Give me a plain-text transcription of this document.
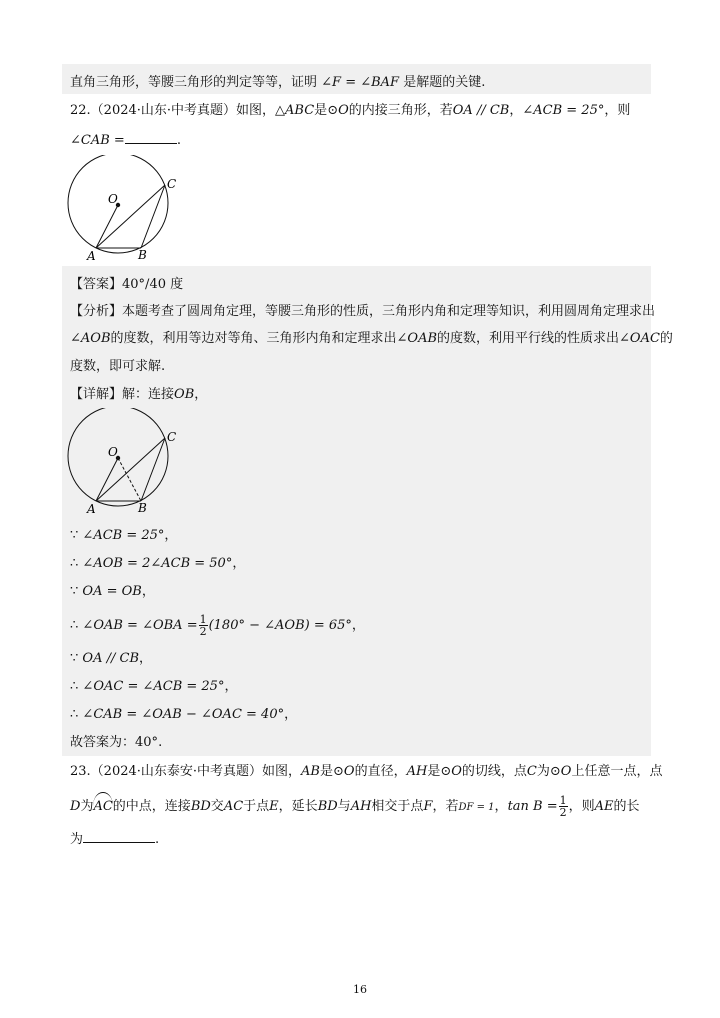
直角三角形，等腰三角形的判定等等，证明 ∠F = ∠BAF 是解题的关键.
22.（2024·山东·中考真题）如图，△ABC是⊙O的内接三角形，若OA // CB，∠ACB = 25°，则
∠CAB =	.
O
C
A	B
【答案】40°/40 度
【分析】本题考查了圆周角定理，等腰三角形的性质，三角形内角和定理等知识，利用圆周角定理求出
∠AOB的度数，利用等边对等角、三角形内角和定理求出∠OAB的度数，利用平行线的性质求出∠OAC的
度数，即可求解.
【详解】解：连接OB，
O
C
A	B
∵ ∠ACB = 25°，
∴ ∠AOB = 2∠ACB = 50°，
∵ OA = OB，
∴ ∠OAB = ∠OBA = $\frac{1}{2} (180^\circ$ − ∠AOB) = 65°，
∵ OA // CB，
∴ ∠OAC = ∠ACB = 25°，
∴ ∠CAB = ∠OAB − ∠OAC = 40°，
故答案为：40°.
23.（2024·山东泰安·中考真题）如图，AB是⊙O的直径，AH是⊙O的切线，点C为⊙O上任意一点，点
D为AC的中点，连接BD交AC于点E，延长BD与AH相交于点F，若DF = 1，$\tan B = \frac{1}{2}$ ，则AE的长
为	.
16
